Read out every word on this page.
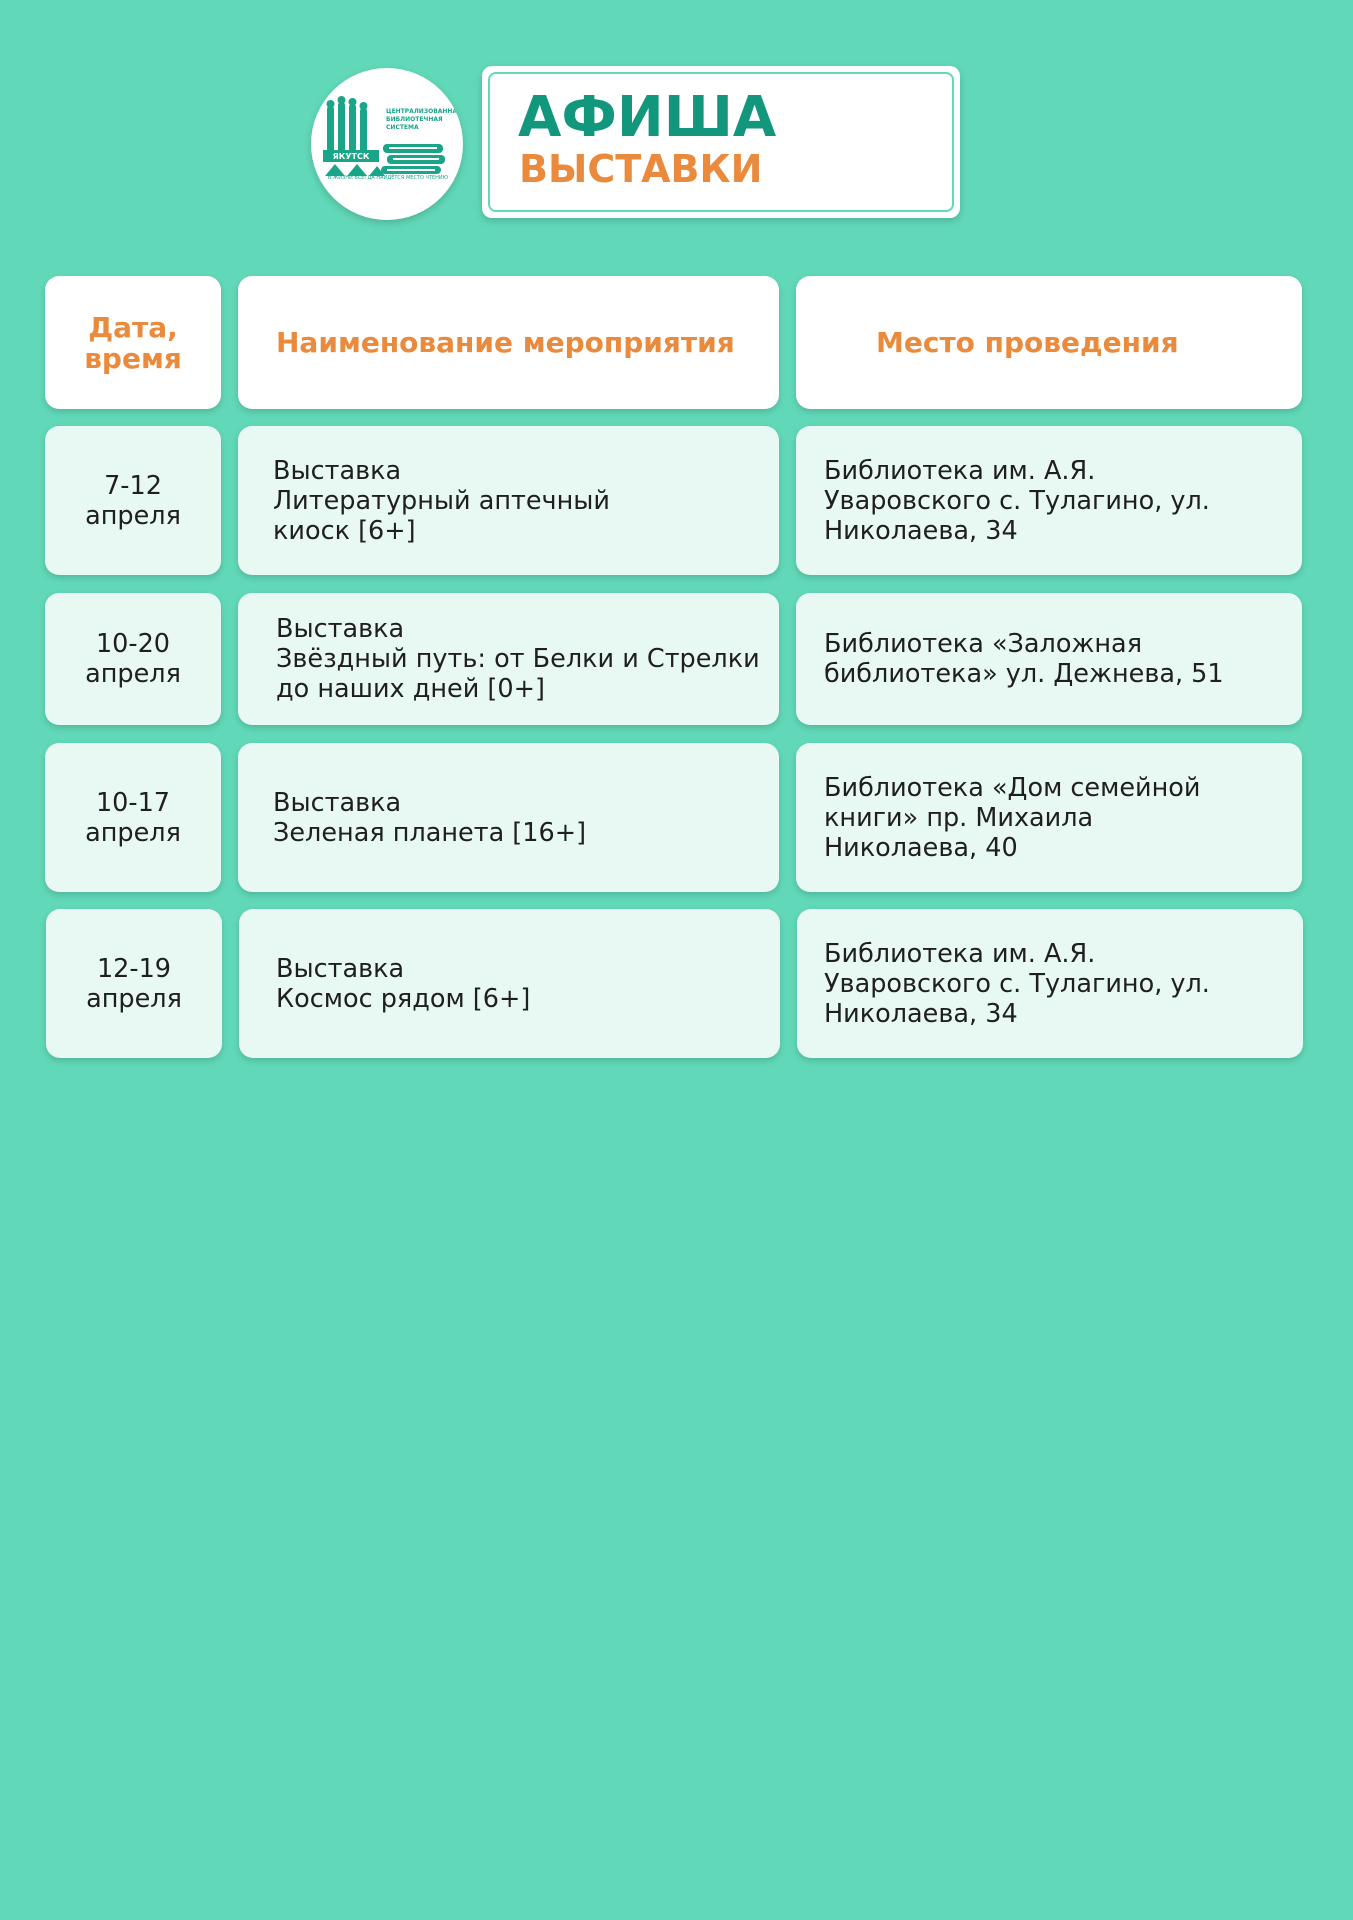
ЯКУТСК
ЦЕНТРАЛИЗОВАННАЯ
БИБЛИОТЕЧНАЯ
СИСТЕМА
В ЖИЗНИ ВСЕГДА НАЙДЁТСЯ МЕСТО ЧТЕНИЮ
АФИША
ВЫСТАВКИ
Дата,
время	Наименование мероприятия	Место проведения
7-12
апреля
Выставка
Литературный аптечный
киоск [6+]
Библиотека им. А.Я.
Уваровского с. Тулагино, ул.
Николаева, 34
10-20
апреля
Выставка
Звёздный путь: от Белки и Стрелки
до наших дней [0+]
Библиотека «Заложная
библиотека» ул. Дежнева, 51
10-17
апреля
Выставка
Зеленая планета [16+]
Библиотека «Дом семейной
книги» пр. Михаила
Николаева, 40
12-19
апреля
Выставка
Космос рядом [6+]
Библиотека им. А.Я.
Уваровского с. Тулагино, ул.
Николаева, 34
